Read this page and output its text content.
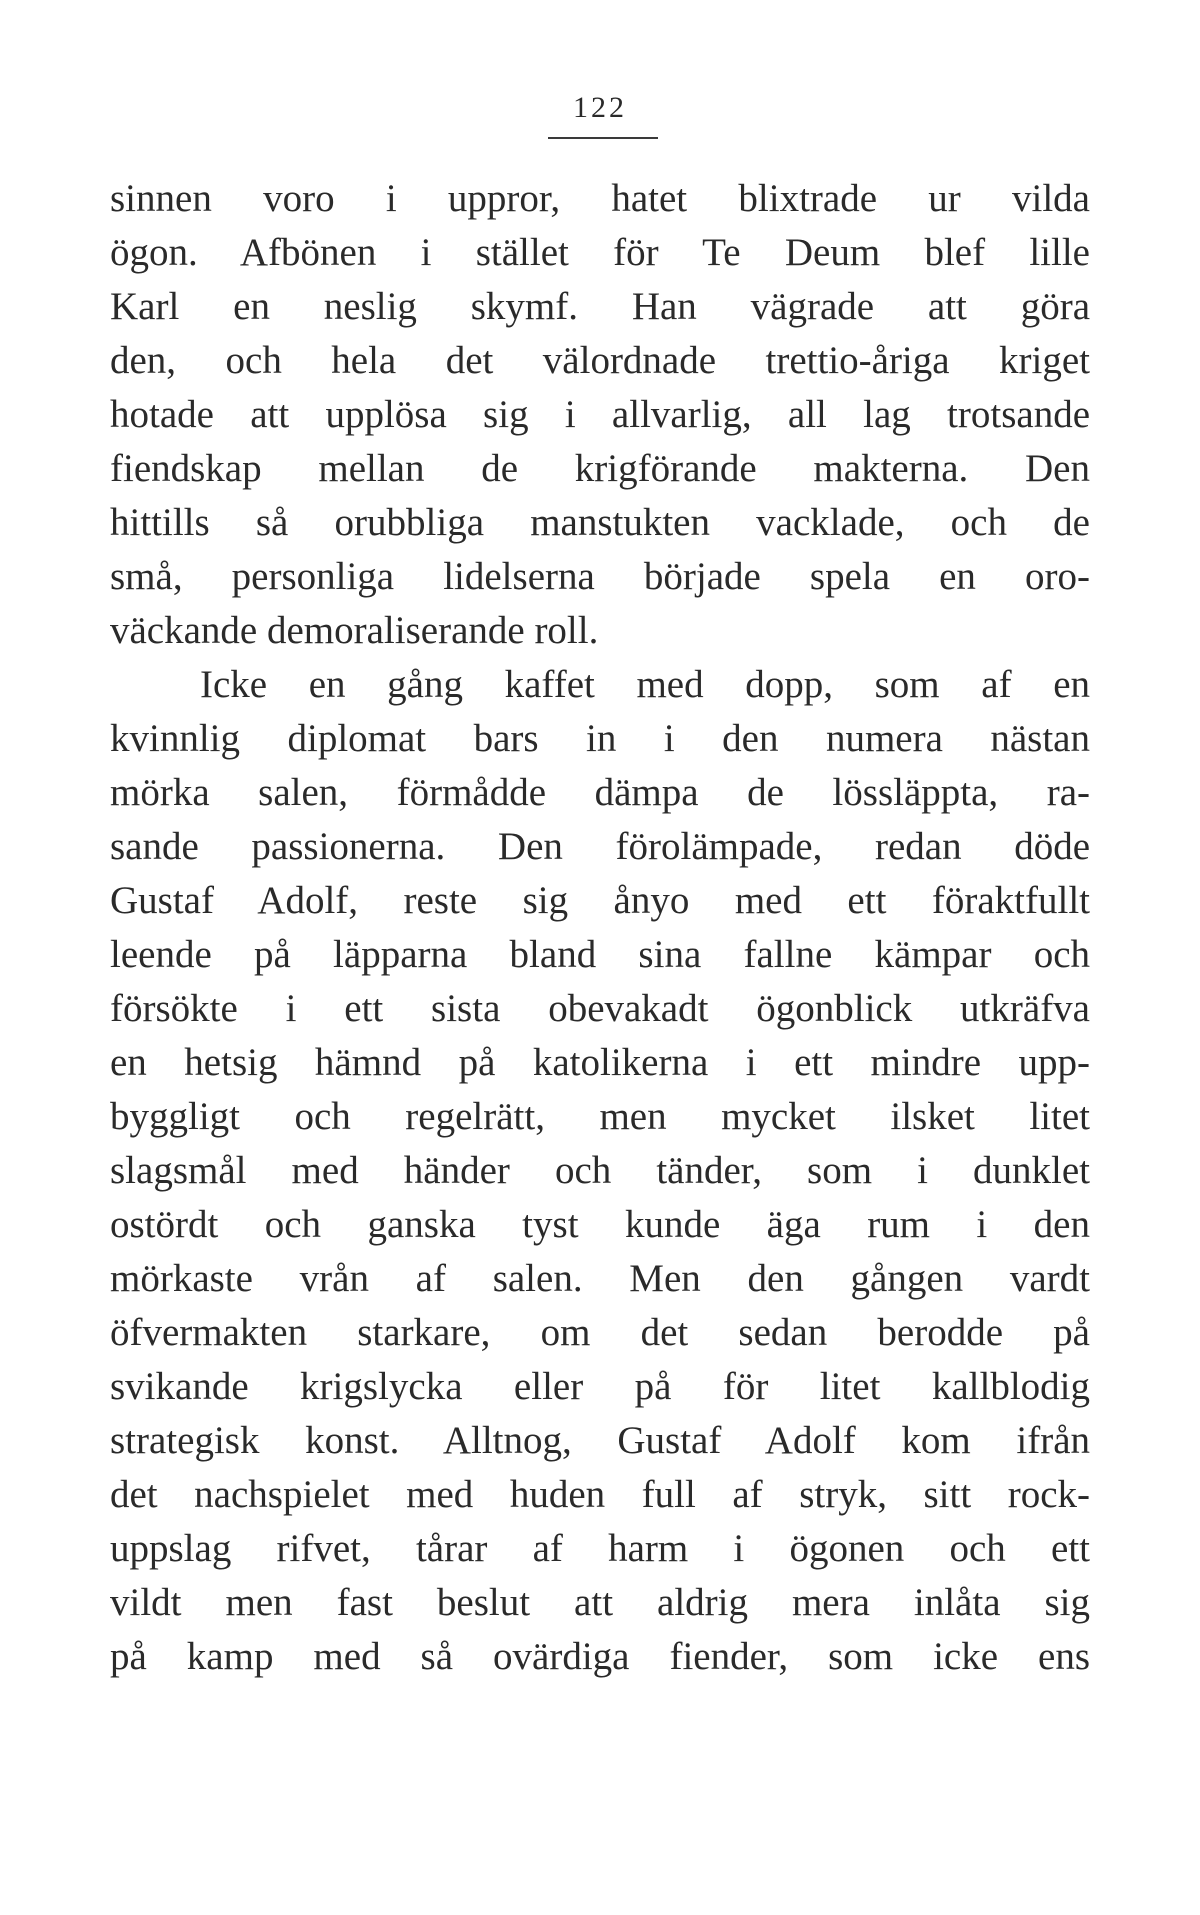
122
sinnen voro i uppror, hatet blixtrade ur vilda
ögon. Afbönen i stället för Te Deum blef lille
Karl en neslig skymf. Han vägrade att göra
den, och hela det välordnade trettio-åriga kriget
hotade att upplösa sig i allvarlig, all lag trotsande
fiendskap mellan de krigförande makterna. Den
hittills så orubbliga manstukten vacklade, och de
små, personliga lidelserna började spela en oro-
väckande demoraliserande roll.
Icke en gång kaffet med dopp, som af en
kvinnlig diplomat bars in i den numera nästan
mörka salen, förmådde dämpa de lössläppta, ra-
sande passionerna. Den förolämpade, redan döde
Gustaf Adolf, reste sig ånyo med ett föraktfullt
leende på läpparna bland sina fallne kämpar och
försökte i ett sista obevakadt ögonblick utkräfva
en hetsig hämnd på katolikerna i ett mindre upp-
byggligt och regelrätt, men mycket ilsket litet
slagsmål med händer och tänder, som i dunklet
ostördt och ganska tyst kunde äga rum i den
mörkaste vrån af salen. Men den gången vardt
öfvermakten starkare, om det sedan berodde på
svikande krigslycka eller på för litet kallblodig
strategisk konst. Alltnog, Gustaf Adolf kom ifrån
det nachspielet med huden full af stryk, sitt rock-
uppslag rifvet, tårar af harm i ögonen och ett
vildt men fast beslut att aldrig mera inlåta sig
på kamp med så ovärdiga fiender, som icke ens
